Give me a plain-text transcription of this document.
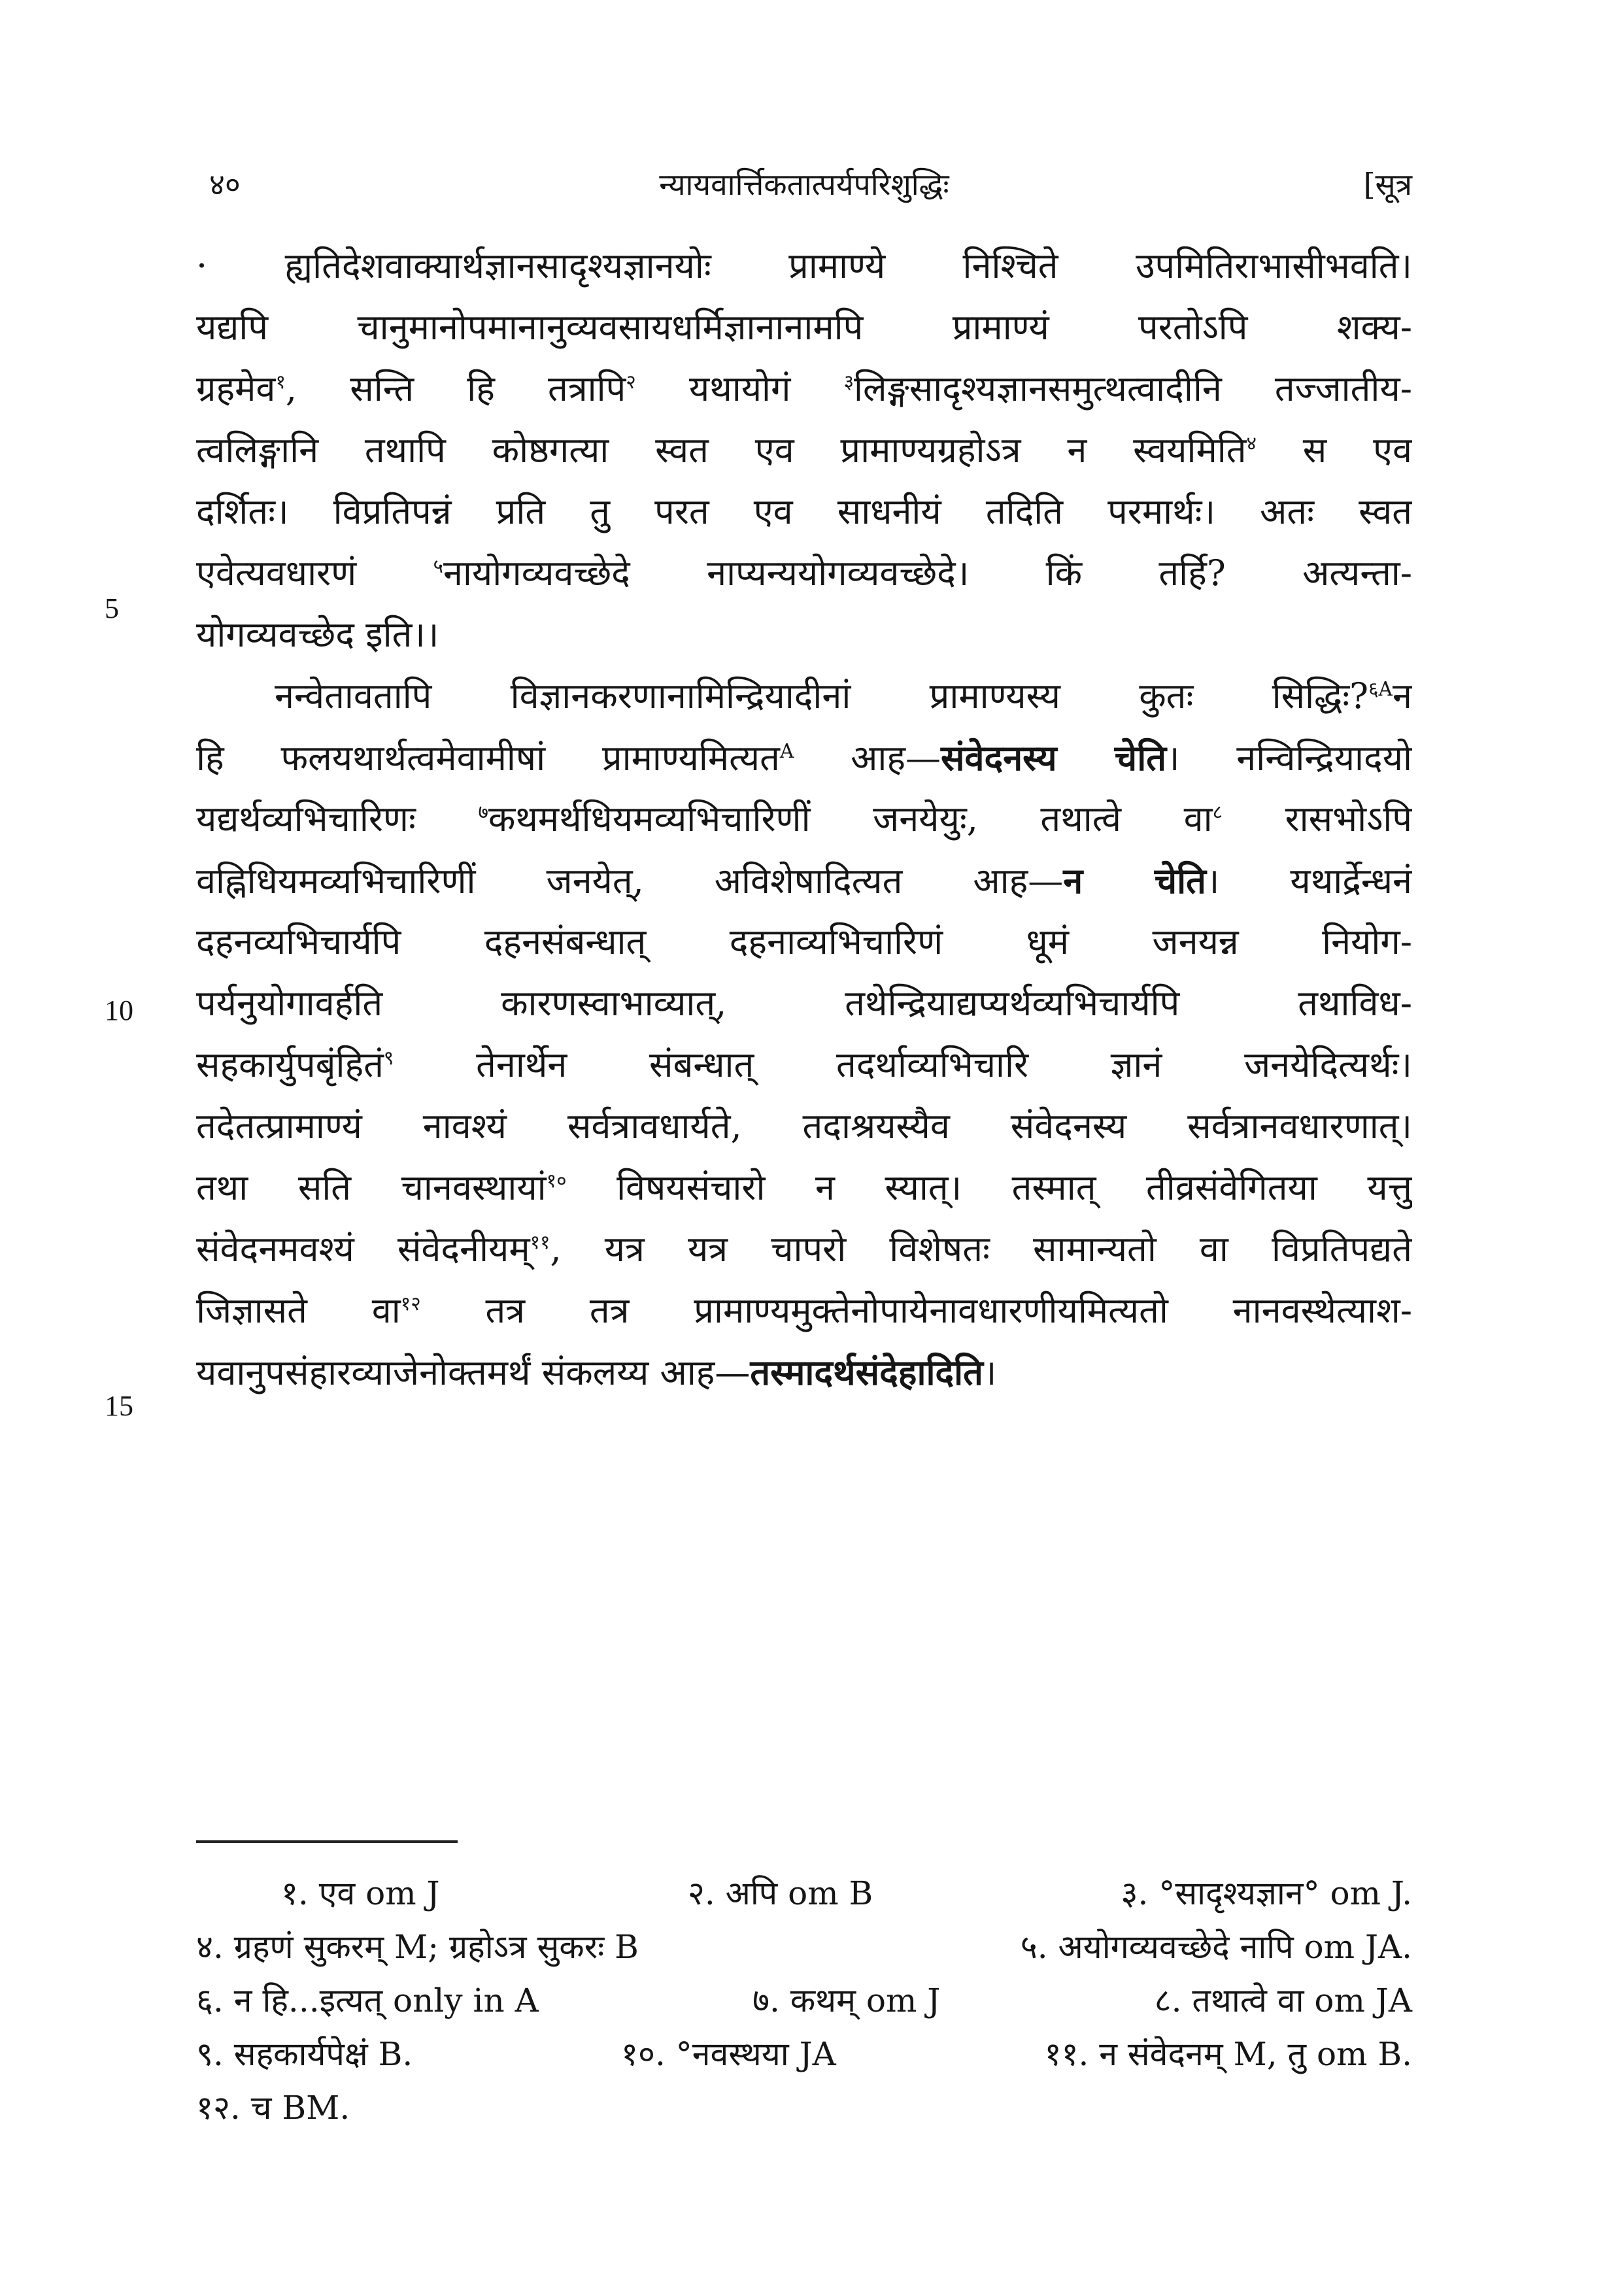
४०	न्यायवार्त्तिकतात्पर्यपरिशुद्धिः	[सूत्र
5
10
15
· ह्यतिदेशवाक्यार्थज्ञानसादृश्यज्ञानयोः प्रामाण्ये निश्चिते उपमितिराभासीभवति।
यद्यपि चानुमानोपमानानुव्यवसायधर्मिज्ञानानामपि प्रामाण्यं परतोऽपि शक्य-
ग्रहमेव$^१$, सन्ति हि तत्रापि$^२$ यथायोगं $^३$लिङ्गसादृश्यज्ञानसमुत्थत्वादीनि तज्जातीय-
त्वलिङ्गानि तथापि कोष्ठगत्या स्वत एव प्रामाण्यग्रहोऽत्र न स्वयमिति$^४$ स एव
दर्शितः। विप्रतिपन्नं प्रति तु परत एव साधनीयं तदिति परमार्थः। अतः स्वत
एवेत्यवधारणं	$^५$नायोगव्यवच्छेदे नाप्यन्ययोगव्यवच्छेदे। किं तर्हि? अत्यन्ता-
योगव्यवच्छेद इति।।
नन्वेतावतापि विज्ञानकरणानामिन्द्रियादीनां प्रामाण्यस्य कुतः सिद्धिः?$^{६A}$न
हि फलयथार्थत्वमेवामीषां प्रामाण्यमित्यत$^A$ आह—संवेदनस्य चेति। नन्विन्द्रियादयो
यद्यर्थव्यभिचारिणः	$^७$कथमर्थधियमव्यभिचारिणीं जनयेयुः, तथात्वे वा$^८$ रासभोऽपि
वह्निधियमव्यभिचारिणीं जनयेत्, अविशेषादित्यत आह—न चेति। यथार्द्रेन्धनं
दहनव्यभिचार्यपि दहनसंबन्धात् दहनाव्यभिचारिणं धूमं जनयन्न नियोग-
पर्यनुयोगावर्हति कारणस्वाभाव्यात्, तथेन्द्रियाद्यप्यर्थव्यभिचार्यपि तथाविध-
सहकार्युपबृंहितं$^९$ तेनार्थेन संबन्धात् तदर्थाव्यभिचारि ज्ञानं जनयेदित्यर्थः।
तदेतत्प्रामाण्यं नावश्यं सर्वत्रावधार्यते, तदाश्रयस्यैव संवेदनस्य सर्वत्रानवधारणात्।
तथा सति चानवस्थायां$^{१०}$ विषयसंचारो न स्यात्। तस्मात् तीव्रसंवेगितया यत्तु
संवेदनमवश्यं संवेदनीयम्$^{११}$, यत्र यत्र चापरो विशेषतः सामान्यतो वा विप्रतिपद्यते
जिज्ञासते वा$^{१२}$ तत्र तत्र प्रामाण्यमुक्तेनोपायेनावधारणीयमित्यतो नानवस्थेत्याश-
यवानुपसंहारव्याजेनोक्तमर्थं संकलय्य आह—तस्मादर्थसंदेहादिति।
१. एव om J	२. अपि om B	३. °सादृश्यज्ञान° om J.
४. ग्रहणं सुकरम् M; ग्रहोऽत्र सुकरः B	५. अयोगव्यवच्छेदे नापि om JA.
६. न हि...इत्यत् only in A	७. कथम् om J	८. तथात्वे वा om JA
९. सहकार्यपेक्षं B.	१०. °नवस्थया JA	११. न संवेदनम् M, तु om B.
१२. च BM.
